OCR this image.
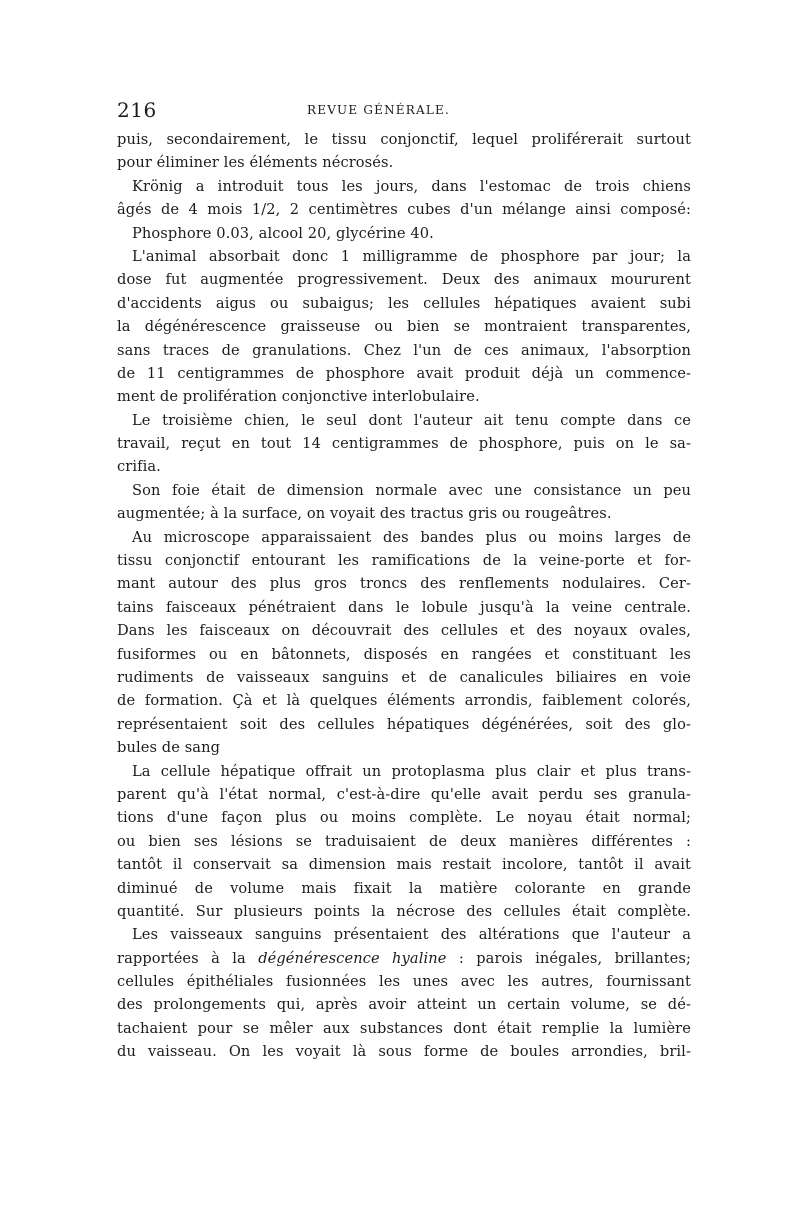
216	REVUE GÉNÉRALE.
puis, secondairement, le tissu conjonctif, lequel proliférerait surtout
pour éliminer les éléments nécrosés.
Krönig a introduit tous les jours, dans l'estomac de trois chiens
âgés de 4 mois 1/2, 2 centimètres cubes d'un mélange ainsi composé:
Phosphore 0.03, alcool 20, glycérine 40.
L'animal absorbait donc 1 milligramme de phosphore par jour; la
dose fut augmentée progressivement. Deux des animaux moururent
d'accidents aigus ou subaigus; les cellules hépatiques avaient subi
la dégénérescence graisseuse ou bien se montraient transparentes,
sans traces de granulations. Chez l'un de ces animaux, l'absorption
de 11 centigrammes de phosphore avait produit déjà un commence-
ment de prolifération conjonctive interlobulaire.
Le troisième chien, le seul dont l'auteur ait tenu compte dans ce
travail, reçut en tout 14 centigrammes de phosphore, puis on le sa-
crifia.
Son foie était de dimension normale avec une consistance un peu
augmentée; à la surface, on voyait des tractus gris ou rougeâtres.
Au microscope apparaissaient des bandes plus ou moins larges de
tissu conjonctif entourant les ramifications de la veine-porte et for-
mant autour des plus gros troncs des renflements nodulaires. Cer-
tains faisceaux pénétraient dans le lobule jusqu'à la veine centrale.
Dans les faisceaux on découvrait des cellules et des noyaux ovales,
fusiformes ou en bâtonnets, disposés en rangées et constituant les
rudiments de vaisseaux sanguins et de canalicules biliaires en voie
de formation. Çà et là quelques éléments arrondis, faiblement colorés,
représentaient soit des cellules hépatiques dégénérées, soit des glo-
bules de sang
La cellule hépatique offrait un protoplasma plus clair et plus trans-
parent qu'à l'état normal, c'est-à-dire qu'elle avait perdu ses granula-
tions d'une façon plus ou moins complète. Le noyau était normal;
ou bien ses lésions se traduisaient de deux manières différentes :
tantôt il conservait sa dimension mais restait incolore, tantôt il avait
diminué de volume mais fixait la matière colorante en grande
quantité. Sur plusieurs points la nécrose des cellules était complète.
Les vaisseaux sanguins présentaient des altérations que l'auteur a
rapportées à la dégénérescence hyaline : parois inégales, brillantes;
cellules épithéliales fusionnées les unes avec les autres, fournissant
des prolongements qui, après avoir atteint un certain volume, se dé-
tachaient pour se mêler aux substances dont était remplie la lumière
du vaisseau. On les voyait là sous forme de boules arrondies, bril-
